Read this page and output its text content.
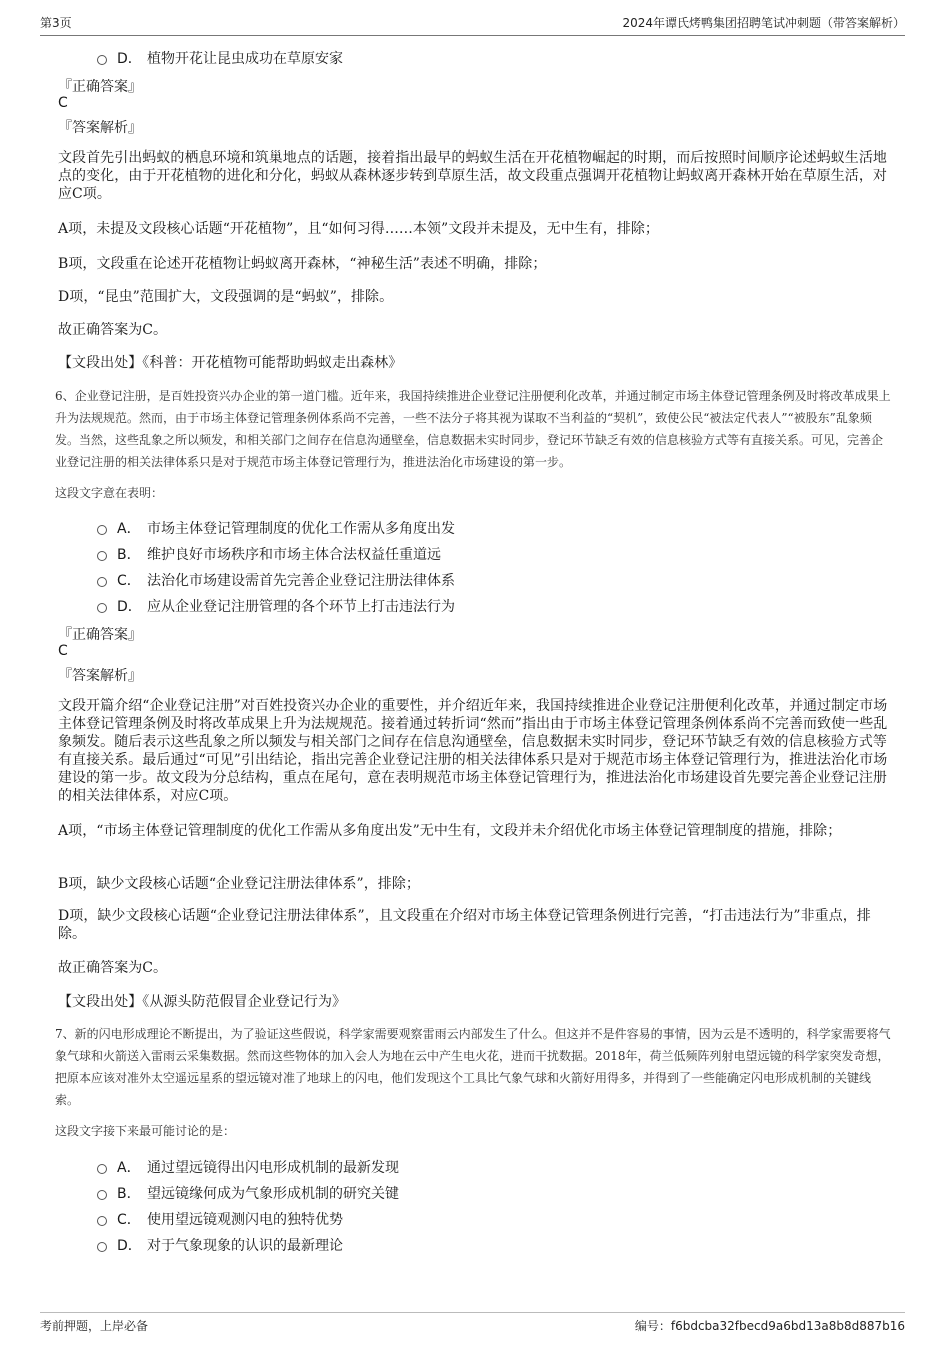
第3页	2024年谭氏烤鸭集团招聘笔试冲刺题（带答案解析）
D． 植物开花让昆虫成功在草原安家
『正确答案』
C
『答案解析』
文段首先引出蚂蚁的栖息环境和筑巢地点的话题，接着指出最早的蚂蚁生活在开花植物崛起的时期，而后按照时间顺序论述蚂蚁生活地点的变化，由于开花植物的进化和分化，蚂蚁从森林逐步转到草原生活，故文段重点强调开花植物让蚂蚁离开森林开始在草原生活，对应C项。
A项，未提及文段核心话题“开花植物”，且“如何习得……本领”文段并未提及，无中生有，排除；
B项，文段重在论述开花植物让蚂蚁离开森林，“神秘生活”表述不明确，排除；
D项，“昆虫”范围扩大，文段强调的是“蚂蚁”，排除。
故正确答案为C。
【文段出处】《科普：开花植物可能帮助蚂蚁走出森林》
6、企业登记注册，是百姓投资兴办企业的第一道门槛。近年来，我国持续推进企业登记注册便利化改革，并通过制定市场主体登记管理条例及时将改革成果上升为法规规范。然而，由于市场主体登记管理条例体系尚不完善，一些不法分子将其视为谋取不当利益的“契机”，致使公民“被法定代表人”“被股东”乱象频发。当然，这些乱象之所以频发，和相关部门之间存在信息沟通壁垒，信息数据未实时同步，登记环节缺乏有效的信息核验方式等有直接关系。可见，完善企业登记注册的相关法律体系只是对于规范市场主体登记管理行为，推进法治化市场建设的第一步。
这段文字意在表明：
A． 市场主体登记管理制度的优化工作需从多角度出发
B． 维护良好市场秩序和市场主体合法权益任重道远
C． 法治化市场建设需首先完善企业登记注册法律体系
D． 应从企业登记注册管理的各个环节上打击违法行为
『正确答案』
C
『答案解析』
文段开篇介绍“企业登记注册”对百姓投资兴办企业的重要性，并介绍近年来，我国持续推进企业登记注册便利化改革，并通过制定市场主体登记管理条例及时将改革成果上升为法规规范。接着通过转折词“然而”指出由于市场主体登记管理条例体系尚不完善而致使一些乱象频发。随后表示这些乱象之所以频发与相关部门之间存在信息沟通壁垒，信息数据未实时同步，登记环节缺乏有效的信息核验方式等有直接关系。最后通过“可见”引出结论，指出完善企业登记注册的相关法律体系只是对于规范市场主体登记管理行为，推进法治化市场建设的第一步。故文段为分总结构，重点在尾句，意在表明规范市场主体登记管理行为，推进法治化市场建设首先要完善企业登记注册的相关法律体系，对应C项。
A项，“市场主体登记管理制度的优化工作需从多角度出发”无中生有，文段并未介绍优化市场主体登记管理制度的措施，排除；
B项，缺少文段核心话题“企业登记注册法律体系”，排除；
D项，缺少文段核心话题“企业登记注册法律体系”，且文段重在介绍对市场主体登记管理条例进行完善，“打击违法行为”非重点，排除。
故正确答案为C。
【文段出处】《从源头防范假冒企业登记行为》
7、新的闪电形成理论不断提出，为了验证这些假说，科学家需要观察雷雨云内部发生了什么。但这并不是件容易的事情，因为云是不透明的，科学家需要将气象气球和火箭送入雷雨云采集数据。然而这些物体的加入会人为地在云中产生电火花，进而干扰数据。2018年，荷兰低频阵列射电望远镜的科学家突发奇想，把原本应该对准外太空遥远星系的望远镜对准了地球上的闪电，他们发现这个工具比气象气球和火箭好用得多，并得到了一些能确定闪电形成机制的关键线索。
这段文字接下来最可能讨论的是：
A． 通过望远镜得出闪电形成机制的最新发现
B． 望远镜缘何成为气象形成机制的研究关键
C． 使用望远镜观测闪电的独特优势
D． 对于气象现象的认识的最新理论
考前押题，上岸必备	编号：f6bdcba32fbecd9a6bd13a8b8d887b16
